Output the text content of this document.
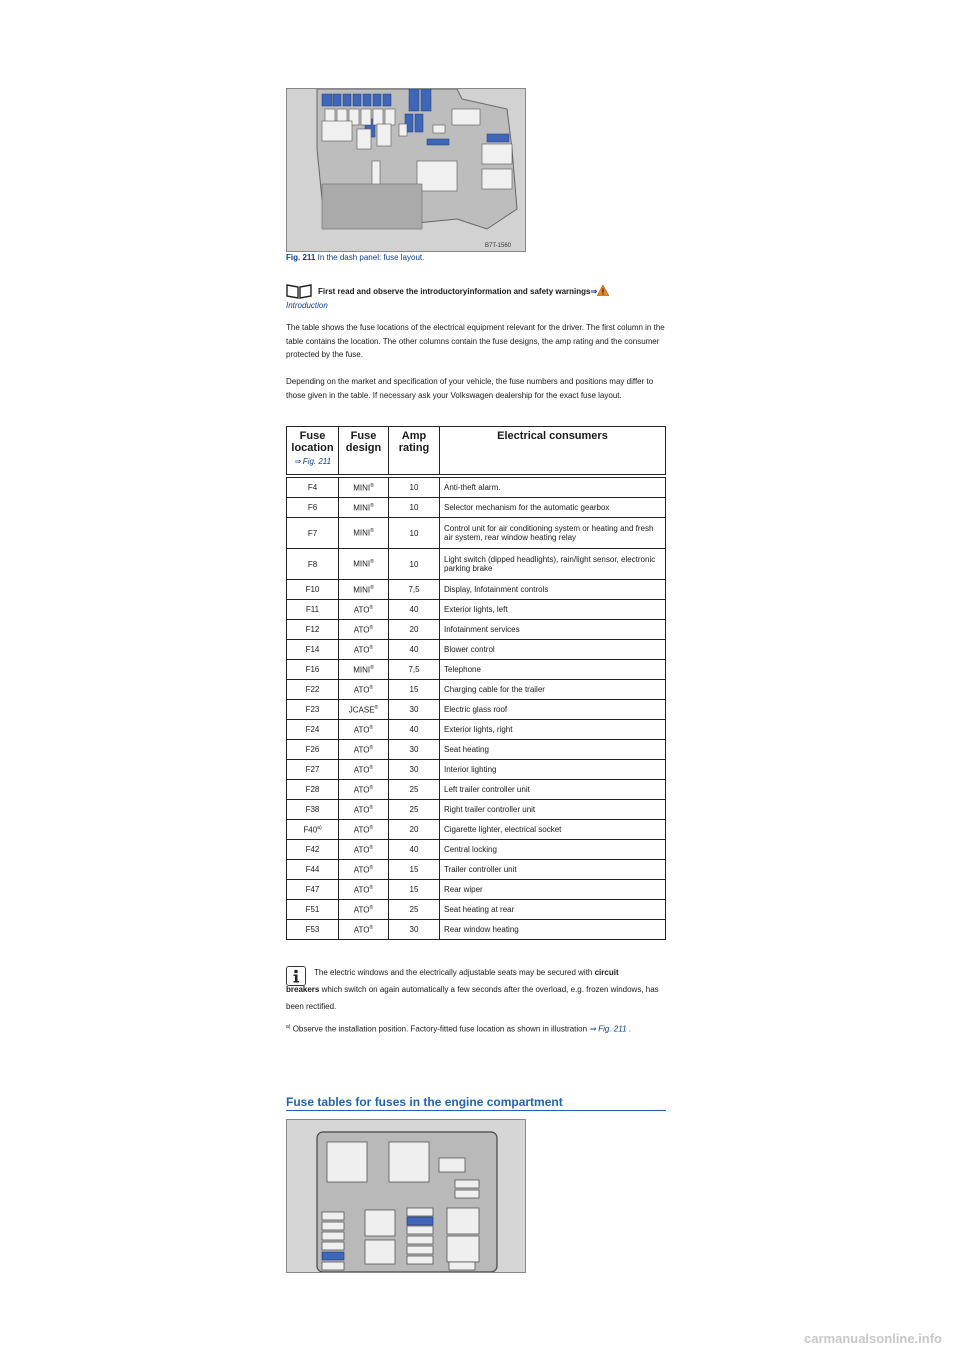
B7T-1560
Fig. 211 In the dash panel: fuse layout.
First read and observe the introductoryinformation and safety warnings⇒
Introduction
The table shows the fuse locations of the electrical equipment relevant for the driver. The first column in the table contains the location. The other columns contain the fuse designs, the amp rating and the consumer protected by the fuse.
Depending on the market and specification of your vehicle, the fuse numbers and positions may differ to those given in the table. If necessary ask your Volkswagen dealership for the exact fuse layout.
Fuse location
⇒ Fig. 211	Fuse design	Amp rating	Electrical consumers

F4	MINI®	10	Anti-theft alarm.
F6	MINI®	10	Selector mechanism for the automatic gearbox
F7	MINI®	10	Control unit for air conditioning system or heating and fresh air system, rear window heating relay
F8	MINI®	10	Light switch (dipped headlights), rain/light sensor, electronic parking brake
F10	MINI®	7,5	Display, Infotainment controls
F11	ATO®	40	Exterior lights, left
F12	ATO®	20	Infotainment services
F14	ATO®	40	Blower control
F16	MINI®	7,5	Telephone
F22	ATO®	15	Charging cable for the trailer
F23	JCASE®	30	Electric glass roof
F24	ATO®	40	Exterior lights, right
F26	ATO®	30	Seat heating
F27	ATO®	30	Interior lighting
F28	ATO®	25	Left trailer controller unit
F38	ATO®	25	Right trailer controller unit
F40$^{a)}$	ATO®	20	Cigarette lighter, electrical socket
F42	ATO®	40	Central locking
F44	ATO®	15	Trailer controller unit
F47	ATO®	15	Rear wiper
F51	ATO®	25	Seat heating at rear
F53	ATO®	30	Rear window heating
The electric windows and the electrically adjustable seats may be secured with circuit
breakers which switch on again automatically a few seconds after the overload, e.g. frozen windows, has been rectified.
$^{a)}$ Observe the installation position. Factory-fitted fuse location as shown in illustration ⇒ Fig. 211 .
Fuse tables for fuses in the engine compartment
carmanualsonline.info
